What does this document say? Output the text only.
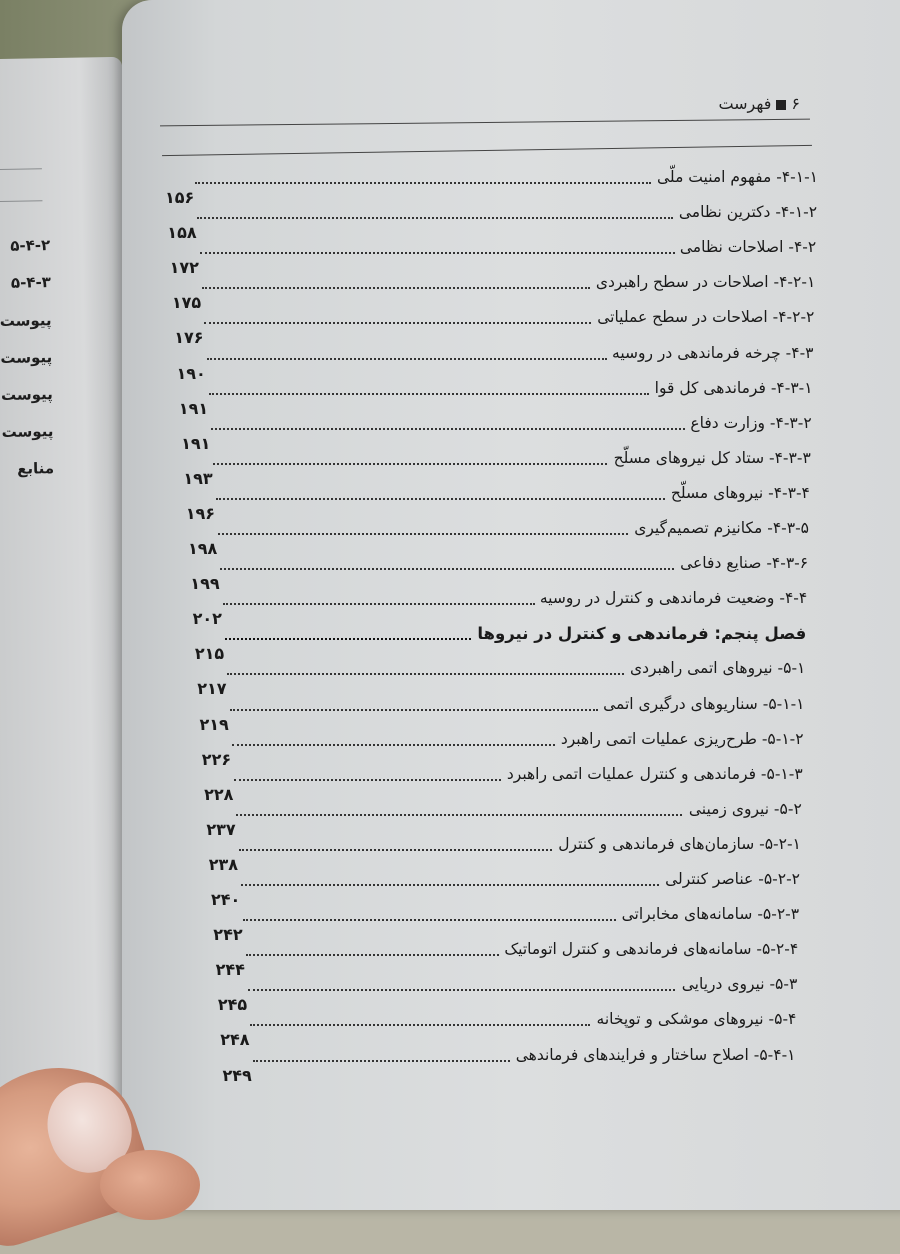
۵-۴-۲
۵-۴-۳
پیوست
پیوست
پیوست
پیوست
منابع
۶فهرست
۴-۱-۱- مفهوم امنیت ملّی
۱۵۶
۴-۱-۲- دکترین نظامی
۱۵۸
۴-۲- اصلاحات نظامی
۱۷۲
۴-۲-۱- اصلاحات در سطح راهبردی
۱۷۵
۴-۲-۲- اصلاحات در سطح عملیاتی
۱۷۶
۴-۳- چرخه فرماندهی در روسیه
۱۹۰
۴-۳-۱- فرماندهی کل قوا
۱۹۱
۴-۳-۲- وزارت دفاع
۱۹۱
۴-۳-۳- ستاد کل نیروهای مسلّح
۱۹۳
۴-۳-۴- نیروهای مسلّح
۱۹۶
۴-۳-۵- مکانیزم تصمیم‌گیری
۱۹۸
۴-۳-۶- صنایع دفاعی
۱۹۹
۴-۴- وضعیت فرماندهی و کنترل در روسیه
۲۰۲
فصل پنجم: فرماندهی و کنترل در نیروها
۲۱۵
۵-۱- نیروهای اتمی راهبردی
۲۱۷
۵-۱-۱- سناریوهای درگیری اتمی
۲۱۹
۵-۱-۲- طرح‌ریزی عملیات اتمی راهبرد
۲۲۶
۵-۱-۳- فرماندهی و کنترل عملیات اتمی راهبرد
۲۲۸
۵-۲- نیروی زمینی
۲۳۷
۵-۲-۱- سازمان‌های فرماندهی و کنترل
۲۳۸
۵-۲-۲- عناصر کنترلی
۲۴۰
۵-۲-۳- سامانه‌های مخابراتی
۲۴۲
۵-۲-۴- سامانه‌های فرماندهی و کنترل اتوماتیک
۲۴۴
۵-۳- نیروی دریایی
۲۴۵
۵-۴- نیروهای موشکی و توپخانه
۲۴۸
۵-۴-۱- اصلاح ساختار و فرایندهای فرماندهی
۲۴۹
